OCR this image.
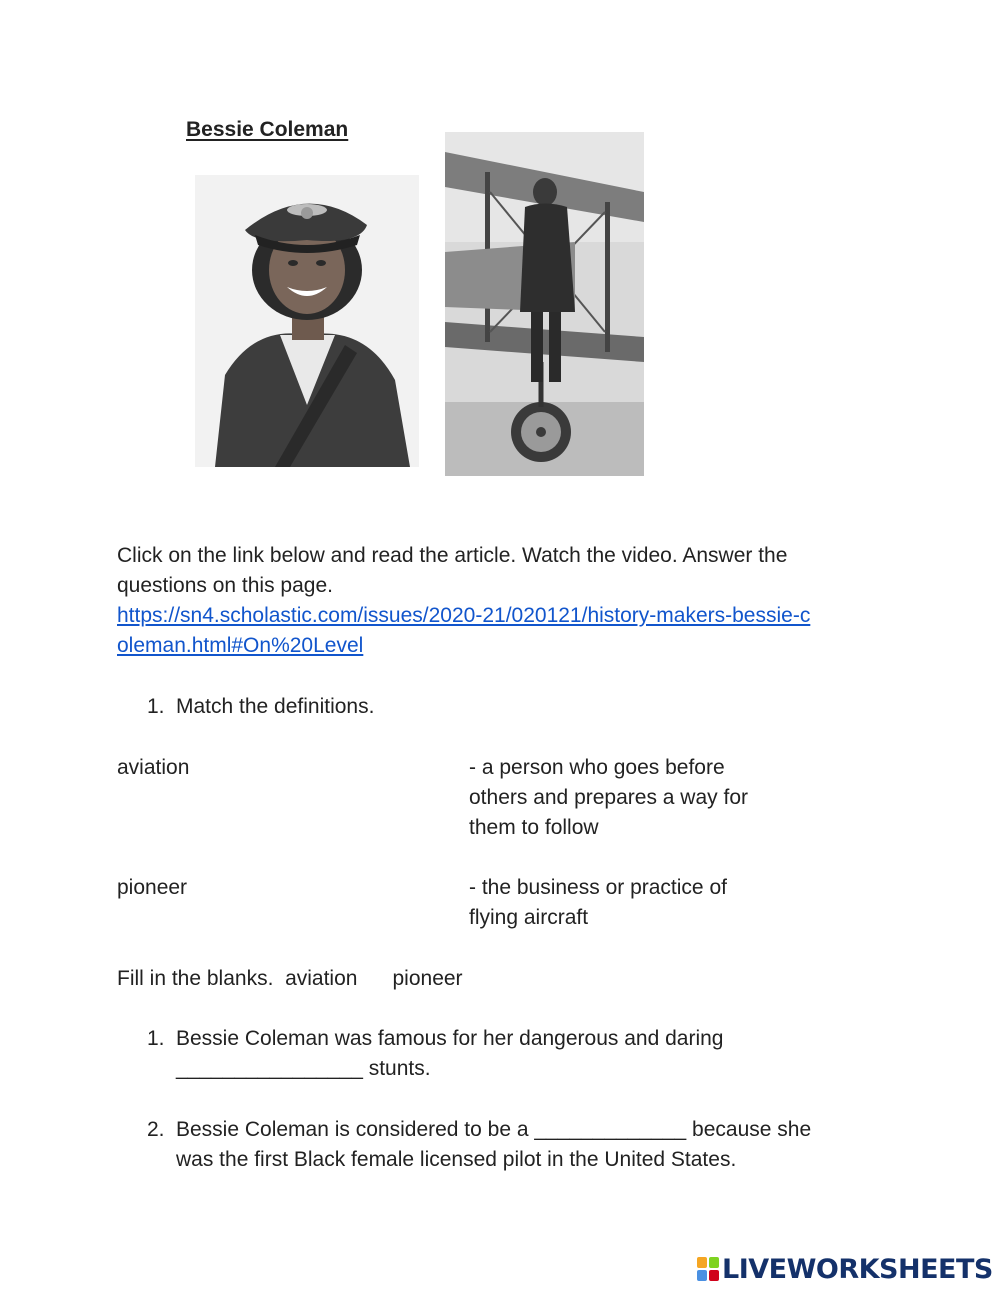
Bessie Coleman
Click on the link below and read the article. Watch the video. Answer the
questions on this page.
https://sn4.scholastic.com/issues/2020-21/020121/history-makers-bessie-c
oleman.html#On%20Level
1. Match the definitions.
aviation	- a person who goes before
others and prepares a way for
them to follow
pioneer	- the business or practice of
flying aircraft
Fill in the blanks. aviation pioneer
1. Bessie Coleman was famous for her dangerous and daring
________________ stunts.
2. Bessie Coleman is considered to be a _____________ because she
was the first Black female licensed pilot in the United States.
LIVEWORKSHEETS
